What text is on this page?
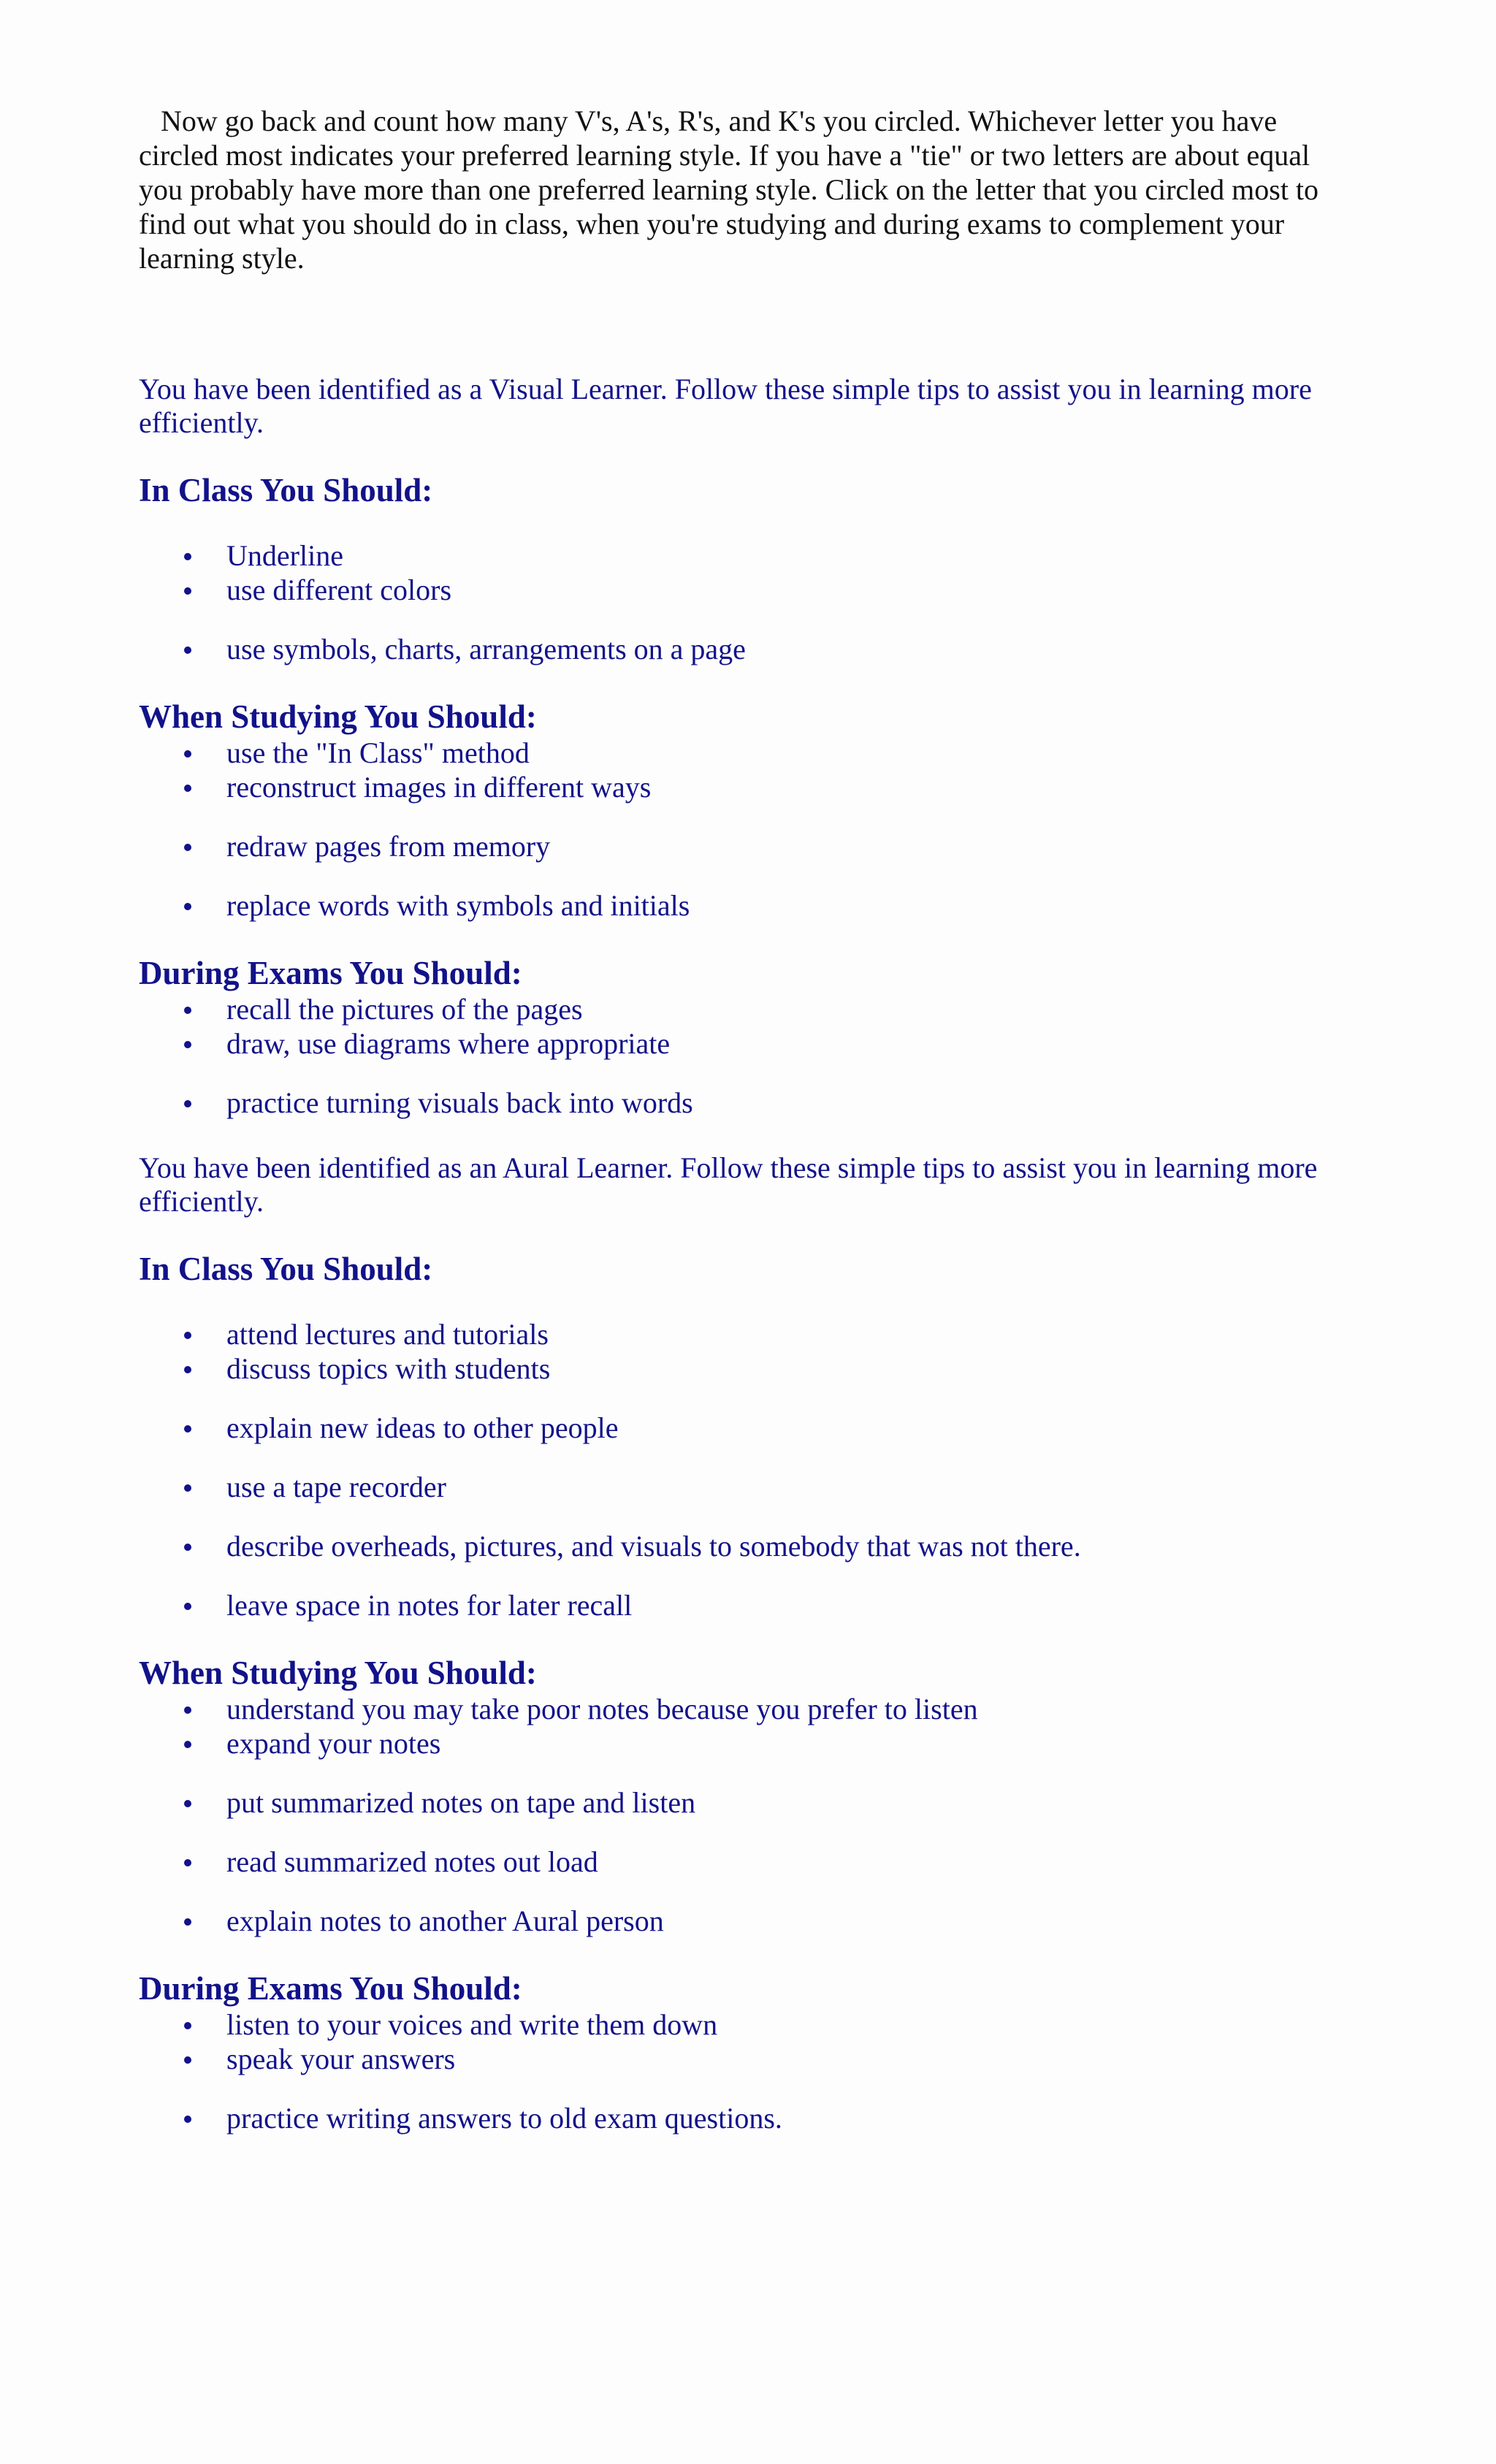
Now go back and count how many V's, A's, R's, and K's you circled. Whichever letter you have circled most indicates your preferred learning style. If you have a "tie" or two letters are about equal you probably have more than one preferred learning style. Click on the letter that you circled most to find out what you should do in class, when you're studying and during exams to complement your learning style.

You have been identified as a Visual Learner. Follow these simple tips to assist you in learning more efficiently.

In Class You Should:
Underline
use different colors
use symbols, charts, arrangements on a page
When Studying You Should:
use the "In Class" method
reconstruct images in different ways
redraw pages from memory
replace words with symbols and initials
During Exams You Should:
recall the pictures of the pages
draw, use diagrams where appropriate
practice turning visuals back into words

You have been identified as an Aural Learner. Follow these simple tips to assist you in learning more efficiently.

In Class You Should:
attend lectures and tutorials
discuss topics with students
explain new ideas to other people
use a tape recorder
describe overheads, pictures, and visuals to somebody that was not there.
leave space in notes for later recall
When Studying You Should:
understand you may take poor notes because you prefer to listen
expand your notes
put summarized notes on tape and listen
read summarized notes out load
explain notes to another Aural person
During Exams You Should:
listen to your voices and write them down
speak your answers
practice writing answers to old exam questions.
